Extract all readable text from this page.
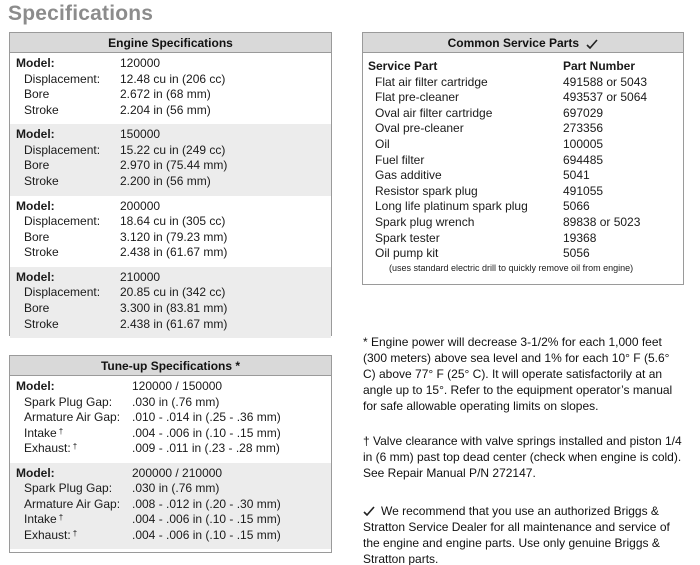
Specifications
Engine Specifications
Model:	120000
Displacement:	12.48 cu in (206 cc)
Bore	2.672 in (68 mm)
Stroke	2.204 in (56 mm)
Model:	150000
Displacement:	15.22 cu in (249 cc)
Bore	2.970 in (75.44 mm)
Stroke	2.200 in (56 mm)
Model:	200000
Displacement:	18.64 cu in (305 cc)
Bore	3.120 in (79.23 mm)
Stroke	2.438 in (61.67 mm)
Model:	210000
Displacement:	20.85 cu in (342 cc)
Bore	3.300 in (83.81 mm)
Stroke	2.438 in (61.67 mm)
Tune-up Specifications *
Model:	120000 / 150000
Spark Plug Gap:	.030 in (.76 mm)
Armature Air Gap: .010 - .014 in (.25 - .36 mm)
Intake †	.004 - .006 in (.10 - .15 mm)
Exhaust: †	.009 - .011 in (.23 - .28 mm)
Model:	200000 / 210000
Spark Plug Gap:	.030 in (.76 mm)
Armature Air Gap: .008 - .012 in (.20 - .30 mm)
Intake †	.004 - .006 in (.10 - .15 mm)
Exhaust: †	.004 - .006 in (.10 - .15 mm)
Common Service Parts
Service Part	Part Number
Flat air filter cartridge	491588 or 5043
Flat pre-cleaner	493537 or 5064
Oval air filter cartridge	697029
Oval pre-cleaner	273356
Oil	100005
Fuel filter	694485
Gas additive	5041
Resistor spark plug	491055
Long life platinum spark plug	5066
Spark plug wrench	89838 or 5023
Spark tester	19368
Oil pump kit	5056
(uses standard electric drill to quickly remove oil from engine)
* Engine power will decrease 3-1/2% for each 1,000 feet (300 meters) above sea level and 1% for each 10° F (5.6° C) above 77° F (25° C). It will operate satisfactorily at an angle up to 15°. Refer to the equipment operator’s manual for safe allowable operating limits on slopes.
† Valve clearance with valve springs installed and piston 1/4 in (6 mm) past top dead center (check when engine is cold). See Repair Manual P/N 272147.
We recommend that you use an authorized Briggs & Stratton Service Dealer for all maintenance and service of the engine and engine parts. Use only genuine Briggs & Stratton parts.
